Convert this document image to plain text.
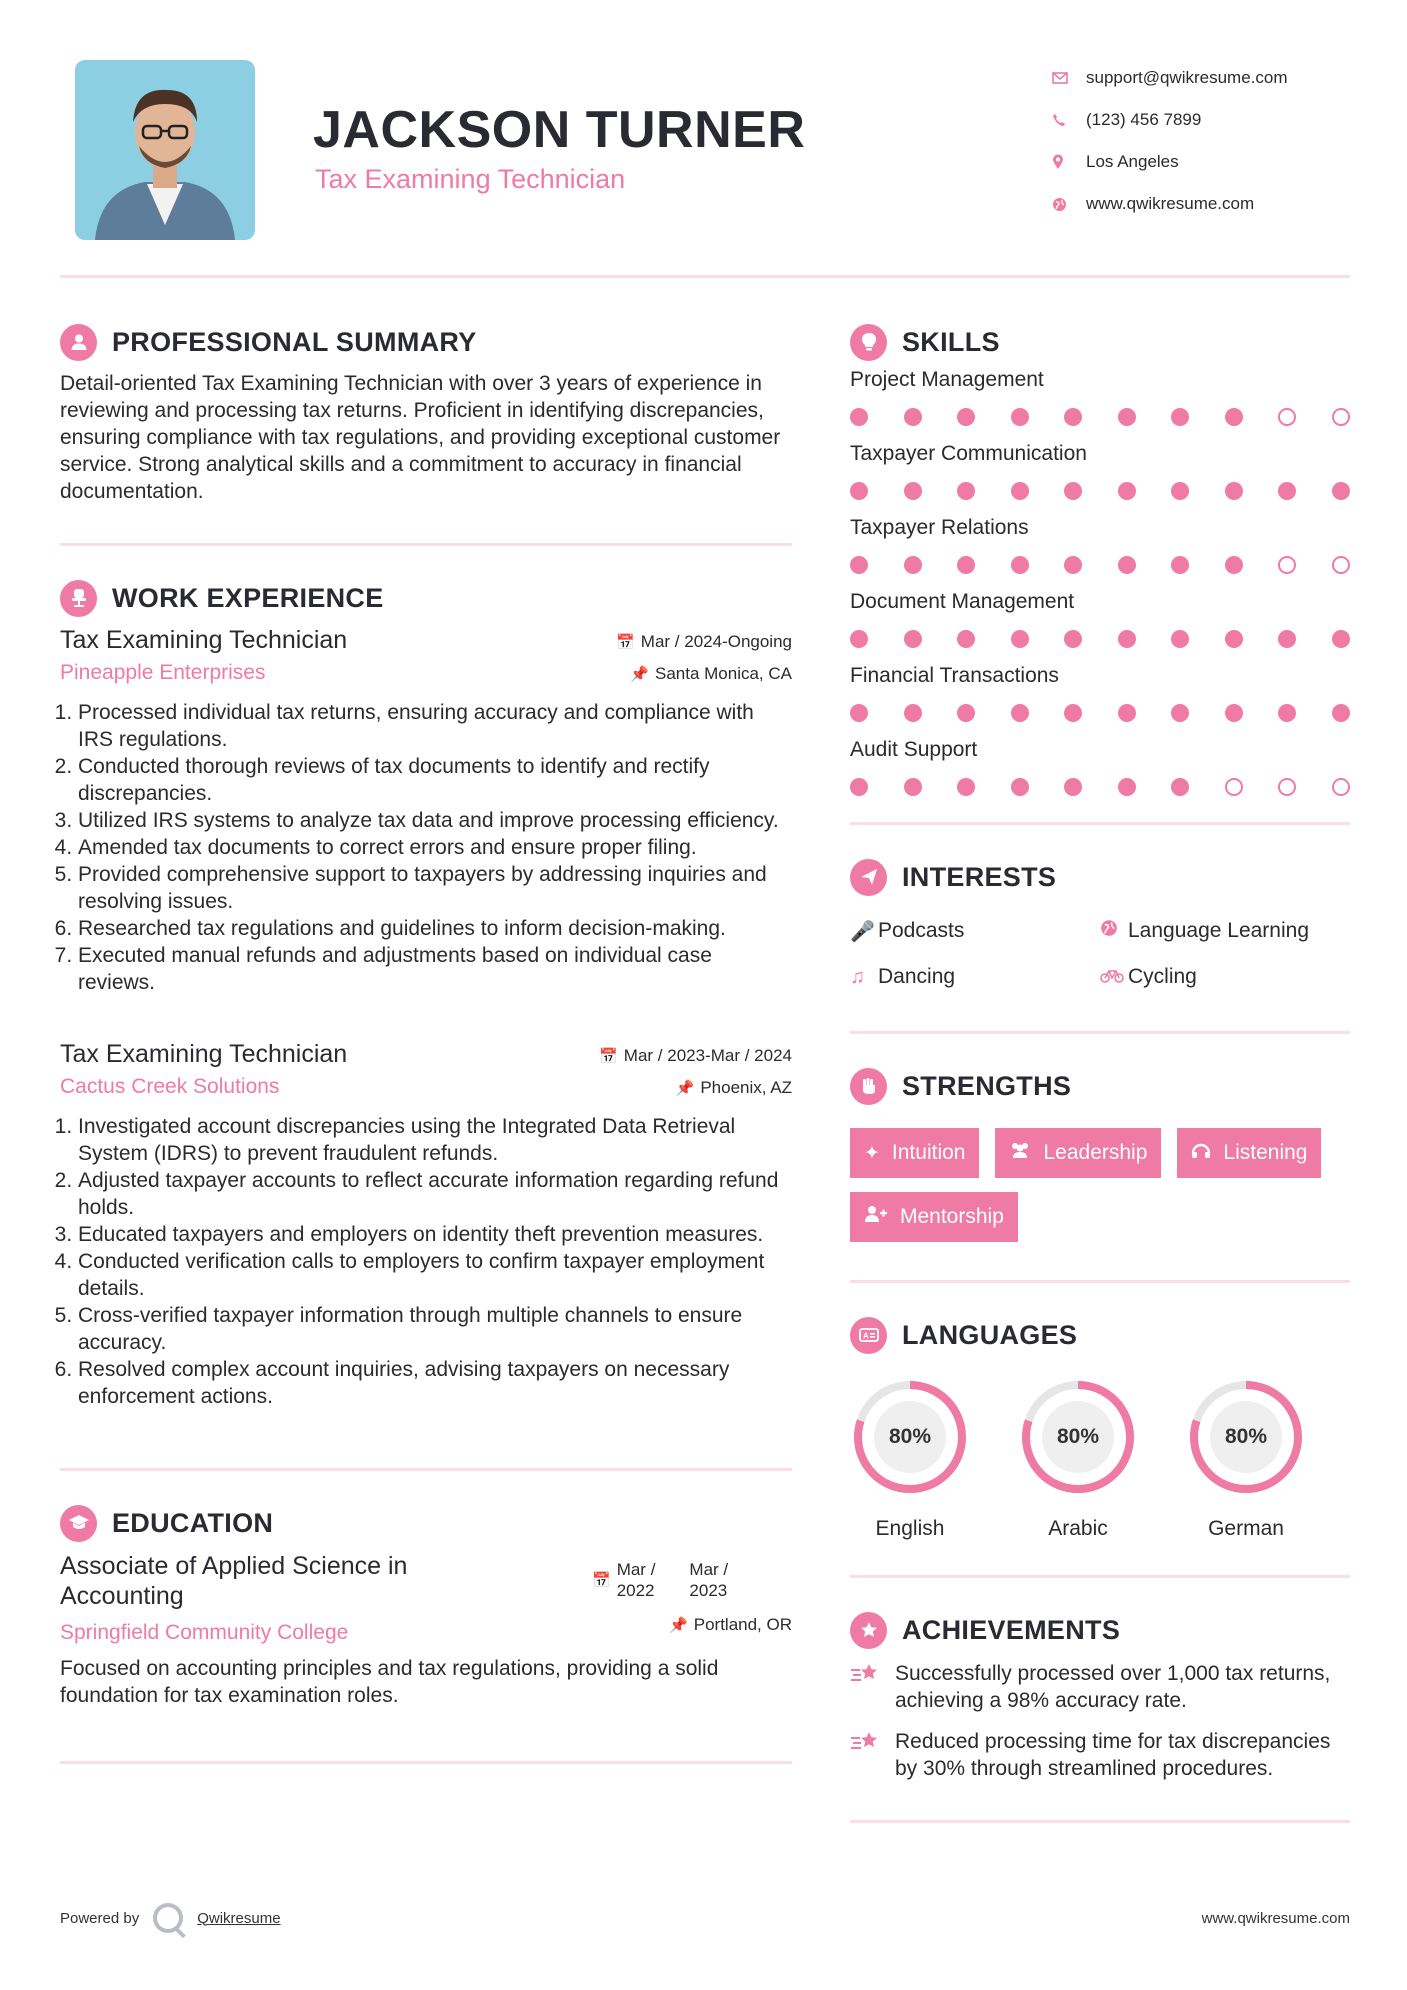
JACKSON TURNER
Tax Examining Technician
support@qwikresume.com
(123) 456 7899
Los Angeles
www.qwikresume.com
PROFESSIONAL SUMMARY

Detail-oriented Tax Examining Technician with over 3 years of experience in reviewing and processing tax returns. Proficient in identifying discrepancies, ensuring compliance with tax regulations, and providing exceptional customer service. Strong analytical skills and a commitment to accuracy in financial documentation.

WORK EXPERIENCE
📅 Mar / 2024-Ongoing
📌 Santa Monica, CA
Tax Examining Technician
Pineapple Enterprises
1. Processed individual tax returns, ensuring accuracy and compliance with IRS regulations.
2. Conducted thorough reviews of tax documents to identify and rectify discrepancies.
3. Utilized IRS systems to analyze tax data and improve processing efficiency.
4. Amended tax documents to correct errors and ensure proper filing.
5. Provided comprehensive support to taxpayers by addressing inquiries and resolving issues.
6. Researched tax regulations and guidelines to inform decision-making.
7. Executed manual refunds and adjustments based on individual case reviews.
📅 Mar / 2023-Mar / 2024
📌 Phoenix, AZ
Tax Examining Technician
Cactus Creek Solutions
1. Investigated account discrepancies using the Integrated Data Retrieval System (IDRS) to prevent fraudulent refunds.
2. Adjusted taxpayer accounts to reflect accurate information regarding refund holds.
3. Educated taxpayers and employers on identity theft prevention measures.
4. Conducted verification calls to employers to confirm taxpayer employment details.
5. Cross-verified taxpayer information through multiple channels to ensure accuracy.
6. Resolved complex account inquiries, advising taxpayers on necessary enforcement actions.
EDUCATION
📅
Mar /
2022
Mar /
2023
📌 Portland, OR
Associate of Applied Science in Accounting
Springfield Community College

Focused on accounting principles and tax regulations, providing a solid foundation for tax examination roles.

SKILLS
Project Management
Taxpayer Communication
Taxpayer Relations
Document Management
Financial Transactions
Audit Support
INTERESTS
🎤 Podcasts	Language Learning
♫ Dancing	Cycling
STRENGTHS
✦ Intuition	Leadership	Listening
Mentorship
A LANGUAGES
80%
English
80%
Arabic
80%
German
ACHIEVEMENTS
Successfully processed over 1,000 tax returns, achieving a 98% accuracy rate.
Reduced processing time for tax discrepancies by 30% through streamlined procedures.
Powered by	Qwikresume	www.qwikresume.com
